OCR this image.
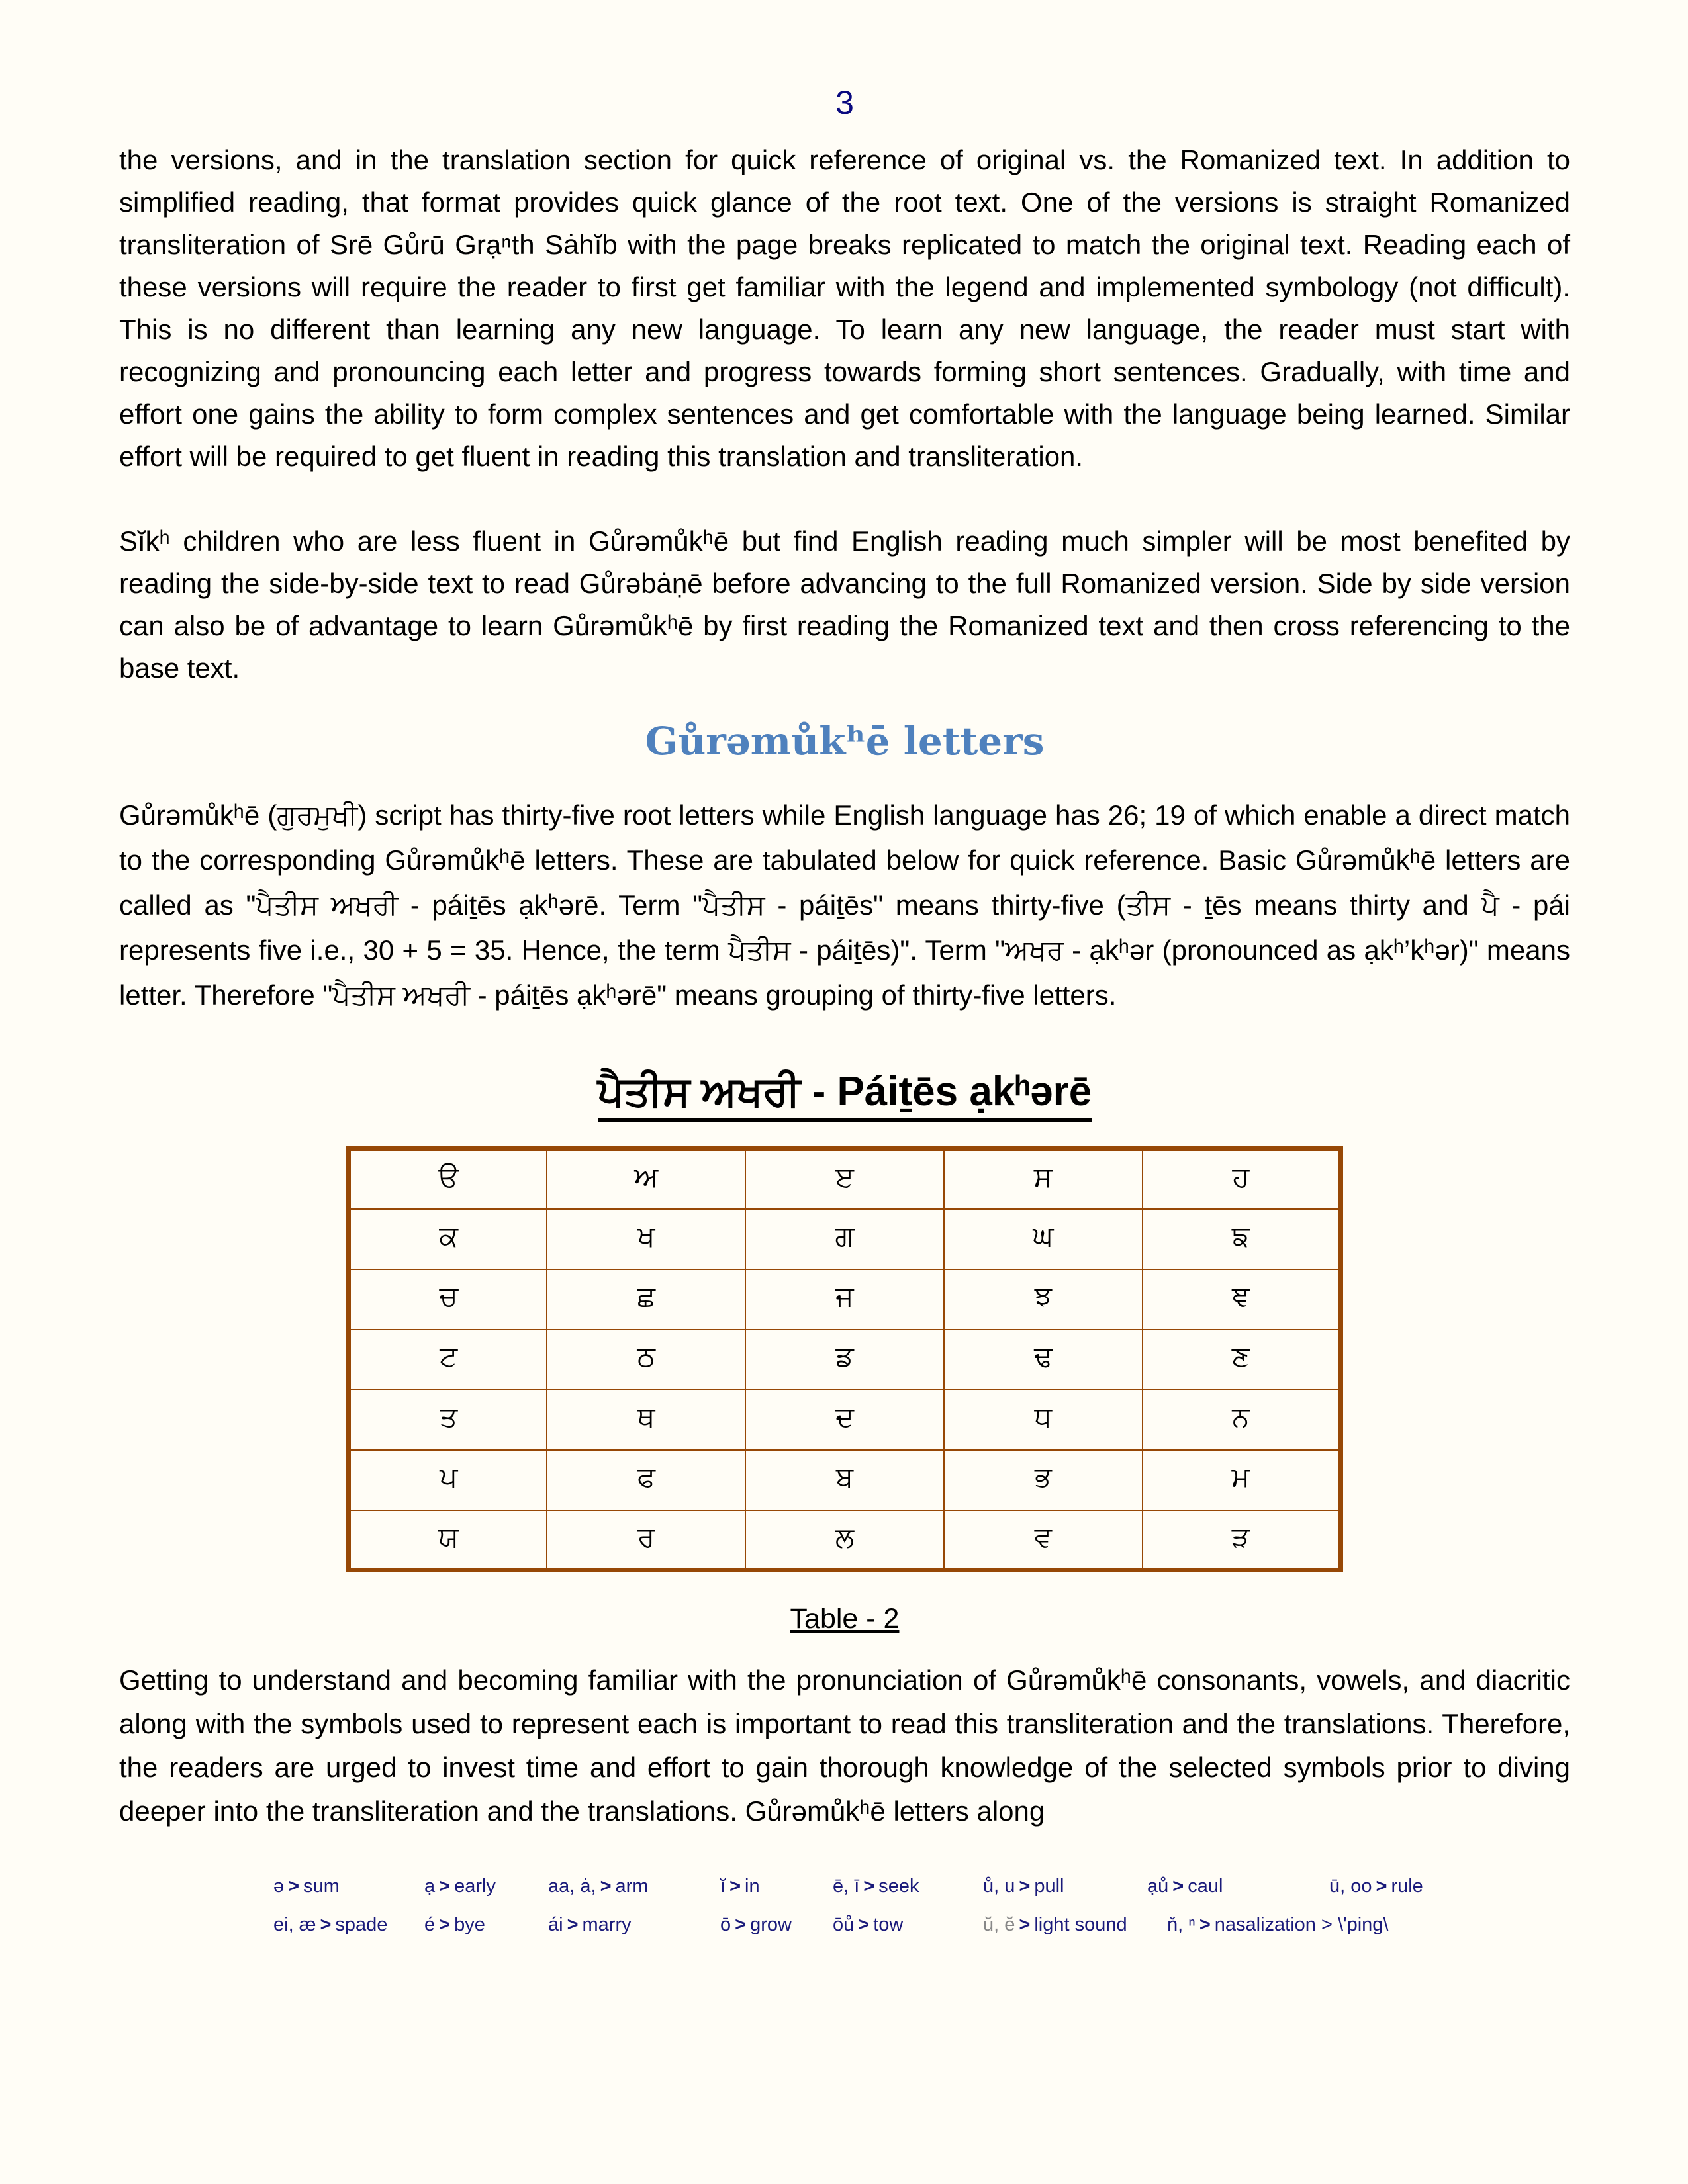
3

the versions, and in the translation section for quick reference of original vs. the Romanized text. In addition to simplified reading, that format provides quick glance of the root text. One of the versions is straight Romanized transliteration of Srē Gůrū Grạⁿth Sȧhĭb with the page breaks replicated to match the original text. Reading each of these versions will require the reader to first get familiar with the legend and implemented symbology (not difficult). This is no different than learning any new language. To learn any new language, the reader must start with recognizing and pronouncing each letter and progress towards forming short sentences. Gradually, with time and effort one gains the ability to form complex sentences and get comfortable with the language being learned. Similar effort will be required to get fluent in reading this translation and transliteration.

Sĭkʰ children who are less fluent in Gůrəmůkʰē but find English reading much simpler will be most benefited by reading the side-by-side text to read Gůrəbȧṇē before advancing to the full Romanized version. Side by side version can also be of advantage to learn Gůrəmůkʰē by first reading the Romanized text and then cross referencing to the base text.

Gůrəmůkʰē letters

Gůrəmůkʰē (ਗੁਰਮੁਖੀ) script has thirty-five root letters while English language has 26; 19 of which enable a direct match to the corresponding Gůrəmůkʰē letters. These are tabulated below for quick reference. Basic Gůrəmůkʰē letters are called as "ਪੈਤੀਸ ਅਖਰੀ - páiṯēs ạkʰərē. Term "ਪੈਤੀਸ - páiṯēs" means thirty-five (ਤੀਸ - ṯēs means thirty and ਪੈ - pái represents five i.e., 30 + 5 = 35. Hence, the term ਪੈਤੀਸ - páiṯēs)". Term "ਅਖਰ - ạkʰər (pronounced as ạkʰ’kʰər)" means letter. Therefore "ਪੈਤੀਸ ਅਖਰੀ - páiṯēs ạkʰərē" means grouping of thirty-five letters.

ਪੈਤੀਸ ਅਖਰੀ - Páiṯēs ạkʰərē
ੳ	ਅ	ੲ	ਸ	ਹ
ਕ	ਖ	ਗ	ਘ	ਙ
ਚ	ਛ	ਜ	ਝ	ਞ
ਟ	ਠ	ਡ	ਢ	ਣ
ਤ	ਥ	ਦ	ਧ	ਨ
ਪ	ਫ	ਬ	ਭ	ਮ
ਯ	ਰ	ਲ	ਵ	ੜ
Table - 2

Getting to understand and becoming familiar with the pronunciation of Gůrəmůkʰē consonants, vowels, and diacritic along with the symbols used to represent each is important to read this transliteration and the translations. Therefore, the readers are urged to invest time and effort to gain thorough knowledge of the selected symbols prior to diving deeper into the transliteration and the translations. Gůrəmůkʰē letters along

ə > sum	ạ > early	aa, ȧ, > arm	ĭ > in	ē, ī > seek	ů, u > pull	ạů > caul	ū, oo > rule
ei, æ > spade	é > bye	ái > marry	ō > grow	ōů > tow	ŭ, ĕ > light sound	ň, ⁿ > nasalization > \'ping\
